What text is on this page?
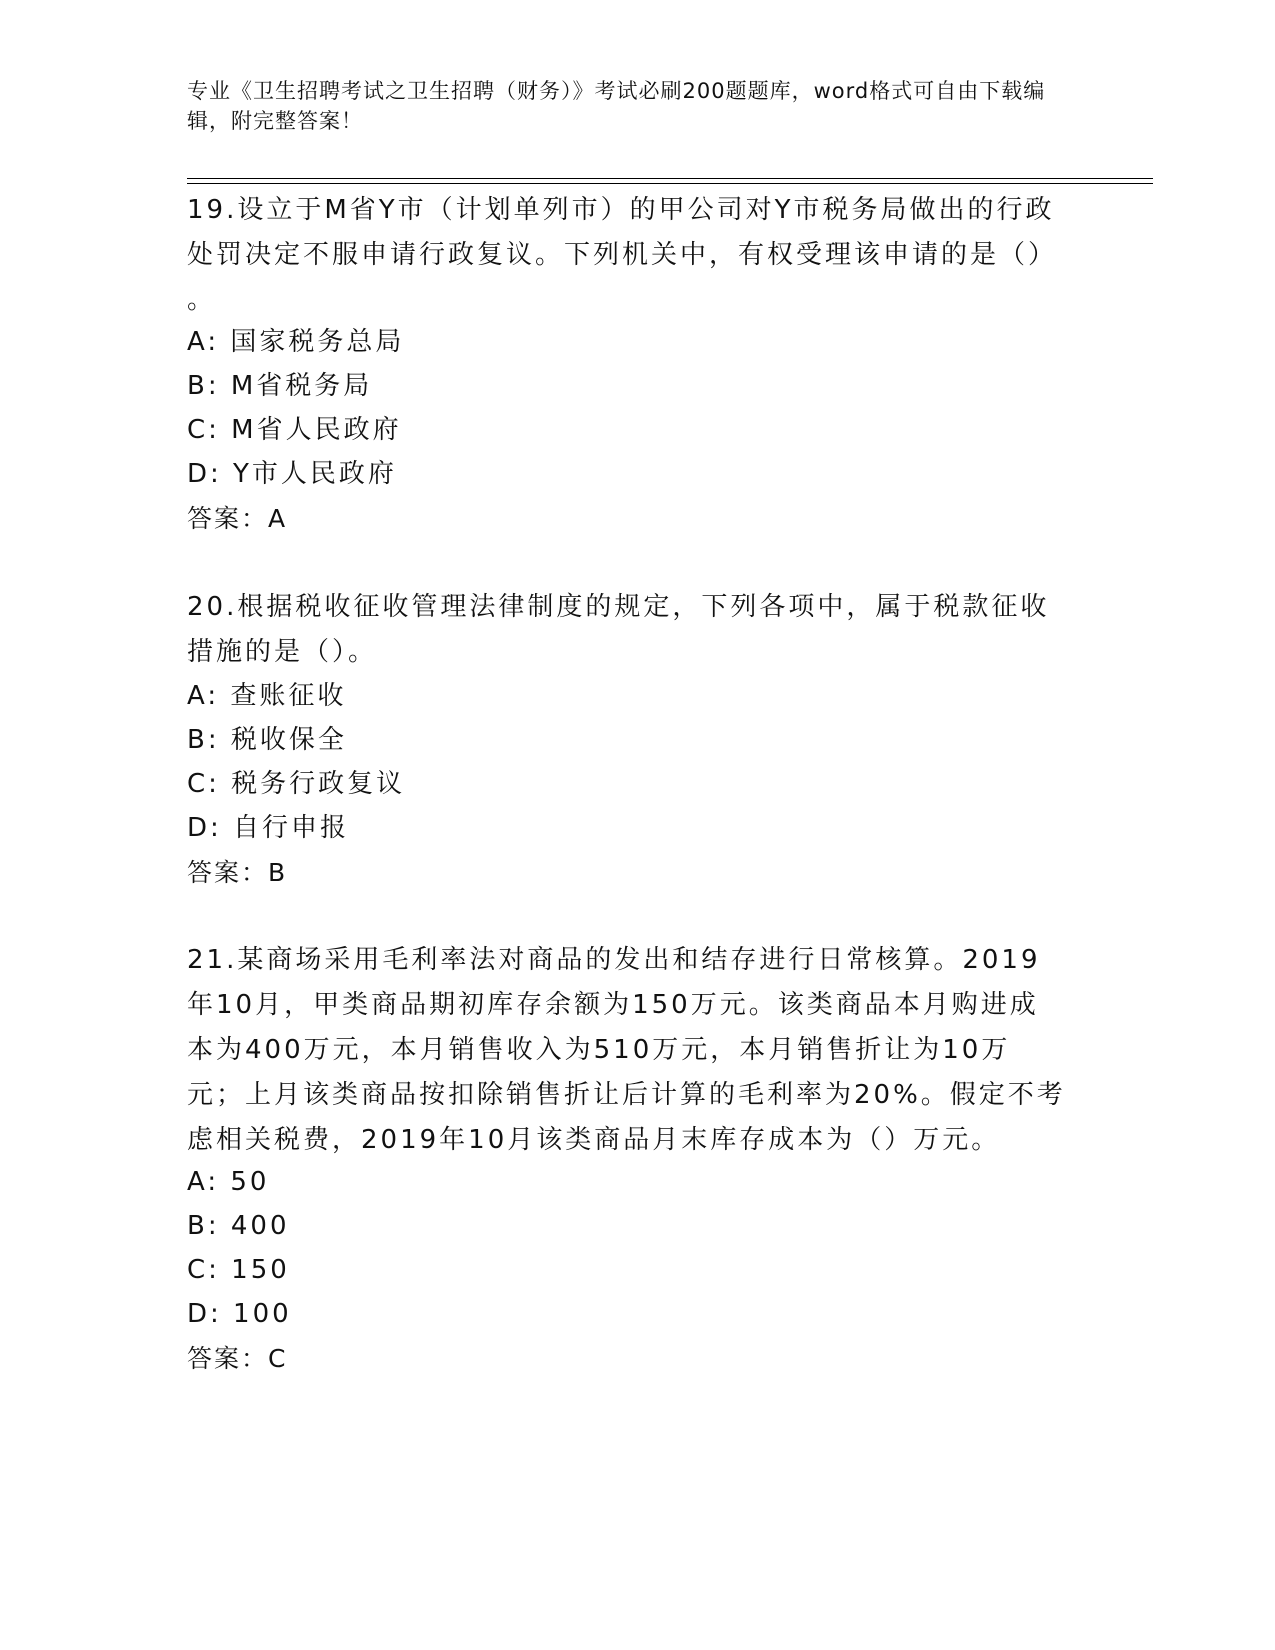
专业《卫生招聘考试之卫生招聘（财务）》考试必刷200题题库，word格式可自由下载编辑，附完整答案！
19.设立于M省Y市（计划单列市）的甲公司对Y市税务局做出的行政处罚决定不服申请行政复议。下列机关中，有权受理该申请的是（）
。
A: 国家税务总局
B: M省税务局
C: M省人民政府
D: Y市人民政府
答案：A
20.根据税收征收管理法律制度的规定，下列各项中，属于税款征收措施的是（）。
A: 查账征收
B: 税收保全
C: 税务行政复议
D: 自行申报
答案：B
21.某商场采用毛利率法对商品的发出和结存进行日常核算。2019年10月，甲类商品期初库存余额为150万元。该类商品本月购进成本为400万元，本月销售收入为510万元，本月销售折让为10万元；上月该类商品按扣除销售折让后计算的毛利率为20%。假定不考虑相关税费，2019年10月该类商品月末库存成本为（）万元。
A: 50
B: 400
C: 150
D: 100
答案：C
